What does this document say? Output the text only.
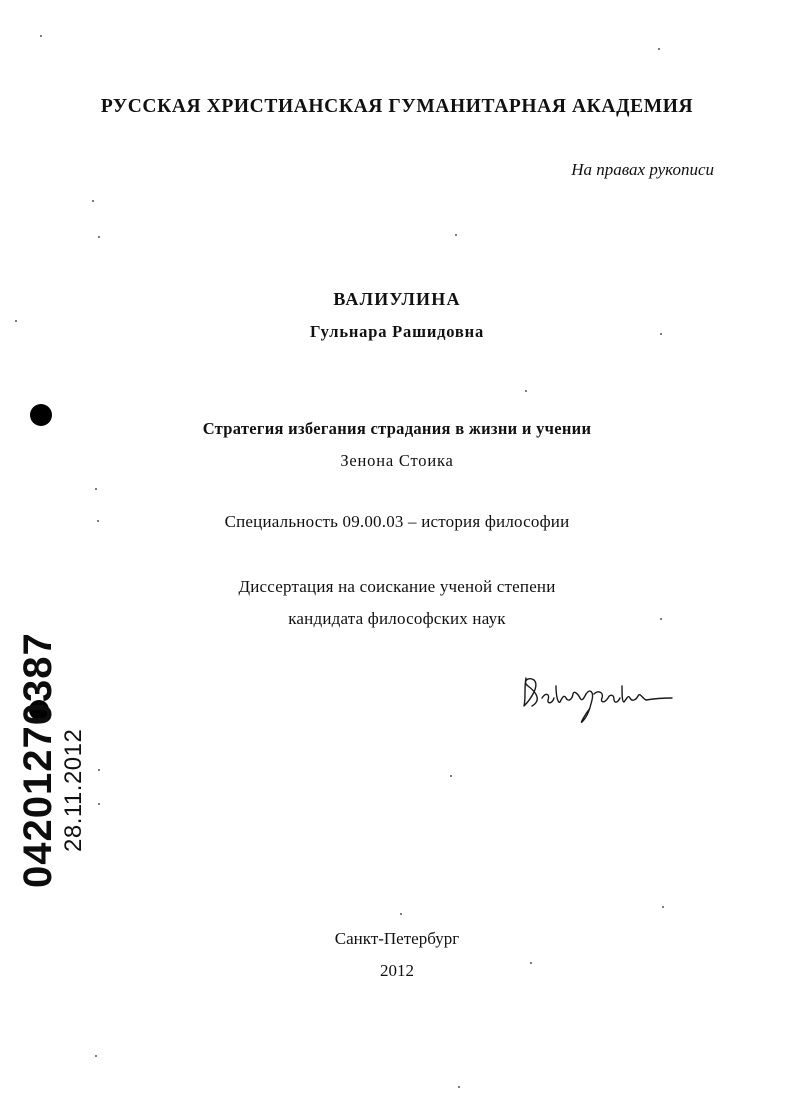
РУССКАЯ ХРИСТИАНСКАЯ ГУМАНИТАРНАЯ АКАДЕМИЯ
На правах рукописи
ВАЛИУЛИНА
Гульнара Рашидовна
Стратегия избегания страдания в жизни и учении
Зенона Стоика
Специальность 09.00.03 – история философии
Диссертация на соискание ученой степени
кандидата философских наук
Санкт-Петербург
2012
04201270387 28.11.2012
